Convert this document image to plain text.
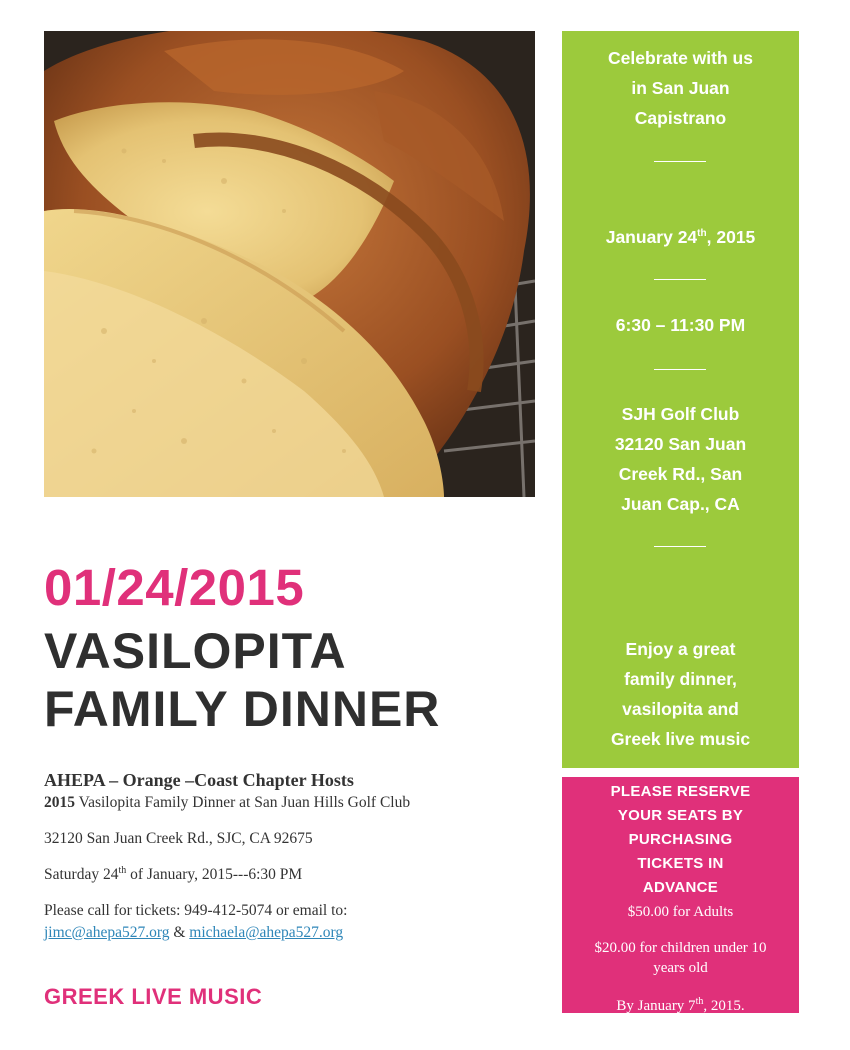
01/24/2015
VASILOPITA
FAMILY DINNER
AHEPA – Orange –Coast Chapter Hosts
2015 Vasilopita Family Dinner at San Juan Hills Golf Club
32120 San Juan Creek Rd., SJC, CA 92675
Saturday 24th of January, 2015---6:30 PM
Please call for tickets: 949-412-5074 or email to:
jimc@ahepa527.org & michaela@ahepa527.org
GREEK LIVE MUSIC
Celebrate with us
in San Juan
Capistrano
January 24th, 2015
6:30 – 11:30 PM
SJH Golf Club
32120 San Juan
Creek Rd., San
Juan Cap., CA
Enjoy a great
family dinner,
vasilopita and
Greek live music
PLEASE RESERVE
YOUR SEATS BY
PURCHASING
TICKETS IN
ADVANCE
$50.00 for Adults
$20.00 for children under 10 years old
By January 7th, 2015.
